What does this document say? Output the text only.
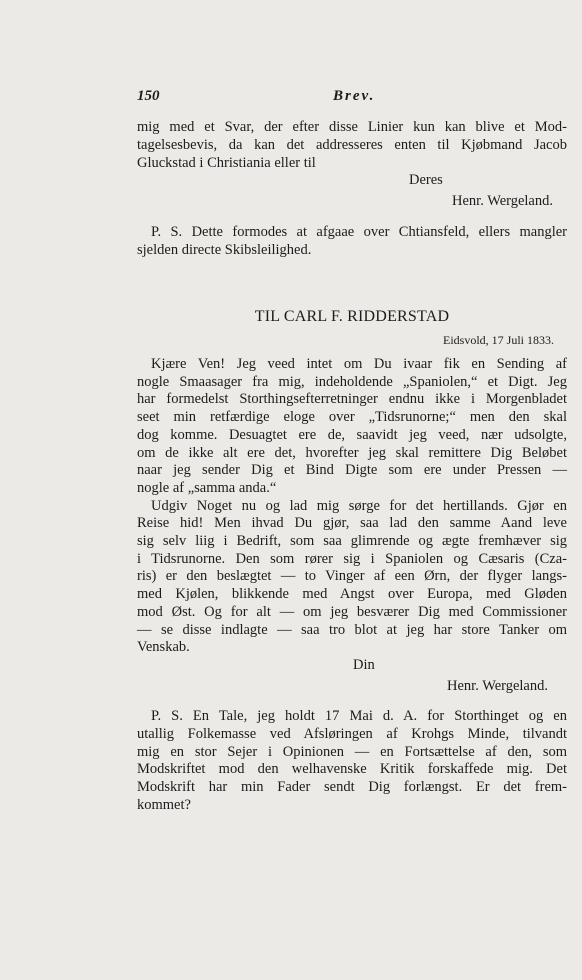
150	Brev.
mig med et Svar, der efter disse Linier kun kan blive et Mod-
tagelsesbevis, da kan det addresseres enten til Kjøbmand Jacob
Gluckstad i Christiania eller til
Deres
Henr. Wergeland.
P. S. Dette formodes at afgaae over Chtiansfeld, ellers mangler
sjelden directe Skibsleilighed.
TIL CARL F. RIDDERSTAD
Eidsvold, 17 Juli 1833.
Kjære Ven! Jeg veed intet om Du ivaar fik en Sending af
nogle Smaasager fra mig, indeholdende „Spaniolen,“ et Digt. Jeg
har formedelst Storthingsefterretninger endnu ikke i Morgenbladet
seet min retfærdige eloge over „Tidsrunorne;“ men den skal
dog komme. Desuagtet ere de, saavidt jeg veed, nær udsolgte,
om de ikke alt ere det, hvorefter jeg skal remittere Dig Beløbet
naar jeg sender Dig et Bind Digte som ere under Pressen —
nogle af „samma anda.“
Udgiv Noget nu og lad mig sørge for det hertillands. Gjør en
Reise hid! Men ihvad Du gjør, saa lad den samme Aand leve
sig selv liig i Bedrift, som saa glimrende og ægte fremhæver sig
i Tidsrunorne. Den som rører sig i Spaniolen og Cæsaris (Cza-
ris) er den beslægtet — to Vinger af een Ørn, der flyger langs-
med Kjølen, blikkende med Angst over Europa, med Gløden
mod Øst. Og for alt — om jeg besværer Dig med Commissioner
— se disse indlagte — saa tro blot at jeg har store Tanker om
Venskab.
Din
Henr. Wergeland.
P. S. En Tale, jeg holdt 17 Mai d. A. for Storthinget og en
utallig Folkemasse ved Afsløringen af Krohgs Minde, tilvandt
mig en stor Sejer i Opinionen — en Fortsættelse af den, som
Modskriftet mod den welhavenske Kritik forskaffede mig. Det
Modskrift har min Fader sendt Dig forlængst. Er det frem-
kommet?
